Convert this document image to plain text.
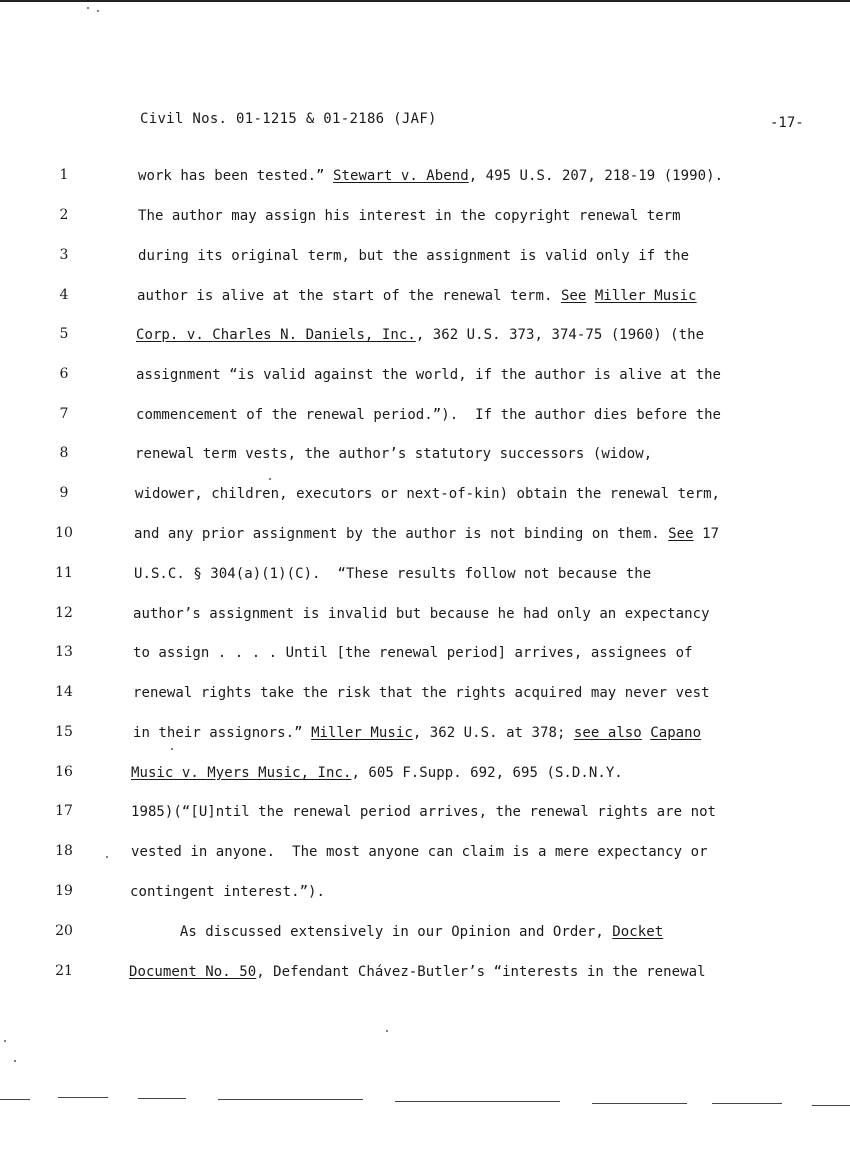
Civil Nos. 01-1215 & 01-2186 (JAF)	-17-
1	work has been tested.” Stewart v. Abend, 495 U.S. 207, 218-19 (1990).
2	The author may assign his interest in the copyright renewal term
3	during its original term, but the assignment is valid only if the
4	author is alive at the start of the renewal term. See Miller Music
5	Corp. v. Charles N. Daniels, Inc., 362 U.S. 373, 374-75 (1960) (the
6	assignment “is valid against the world, if the author is alive at the
7	commencement of the renewal period.”).  If the author dies before the
8	renewal term vests, the author’s statutory successors (widow,
9	widower, children, executors or next-of-kin) obtain the renewal term,
10	and any prior assignment by the author is not binding on them. See 17
11	U.S.C. § 304(a)(1)(C).  “These results follow not because the
12	author’s assignment is invalid but because he had only an expectancy
13	to assign . . . . Until [the renewal period] arrives, assignees of
14	renewal rights take the risk that the rights acquired may never vest
15	in their assignors.” Miller Music, 362 U.S. at 378; see also Capano
16	Music v. Myers Music, Inc., 605 F.Supp. 692, 695 (S.D.N.Y.
17	1985)(“[U]ntil the renewal period arrives, the renewal rights are not
18	vested in anyone.  The most anyone can claim is a mere expectancy or
19	contingent interest.”).
20	As discussed extensively in our Opinion and Order, Docket
21	Document No. 50, Defendant Chávez-Butler’s “interests in the renewal
